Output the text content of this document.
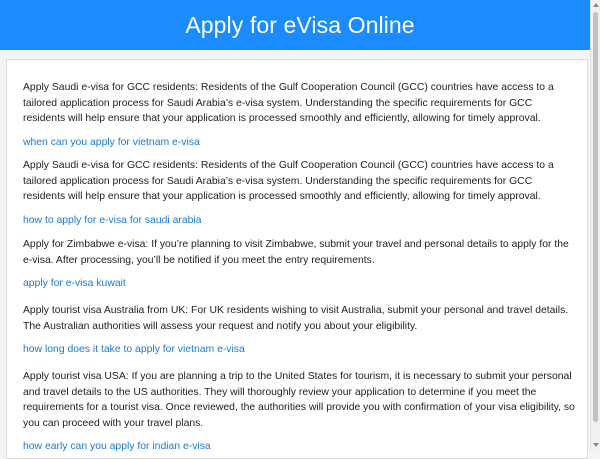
Apply for eVisa Online

Apply Saudi e-visa for GCC residents: Residents of the Gulf Cooperation Council (GCC) countries have access to a tailored application process for Saudi Arabia’s e-visa system. Understanding the specific requirements for GCC residents will help ensure that your application is processed smoothly and efficiently, allowing for timely approval.

when can you apply for vietnam e-visa

Apply Saudi e-visa for GCC residents: Residents of the Gulf Cooperation Council (GCC) countries have access to a tailored application process for Saudi Arabia’s e-visa system. Understanding the specific requirements for GCC residents will help ensure that your application is processed smoothly and efficiently, allowing for timely approval.

how to apply for e-visa for saudi arabia

Apply for Zimbabwe e-visa: If you’re planning to visit Zimbabwe, submit your travel and personal details to apply for the e-visa. After processing, you’ll be notified if you meet the entry requirements.

apply for e-visa kuwait

Apply tourist visa Australia from UK: For UK residents wishing to visit Australia, submit your personal and travel details. The Australian authorities will assess your request and notify you about your eligibility.

how long does it take to apply for vietnam e-visa

Apply tourist visa USA: If you are planning a trip to the United States for tourism, it is necessary to submit your personal and travel details to the US authorities. They will thoroughly review your application to determine if you meet the requirements for a tourist visa. Once reviewed, the authorities will provide you with confirmation of your visa eligibility, so you can proceed with your travel plans.

how early can you apply for indian e-visa
